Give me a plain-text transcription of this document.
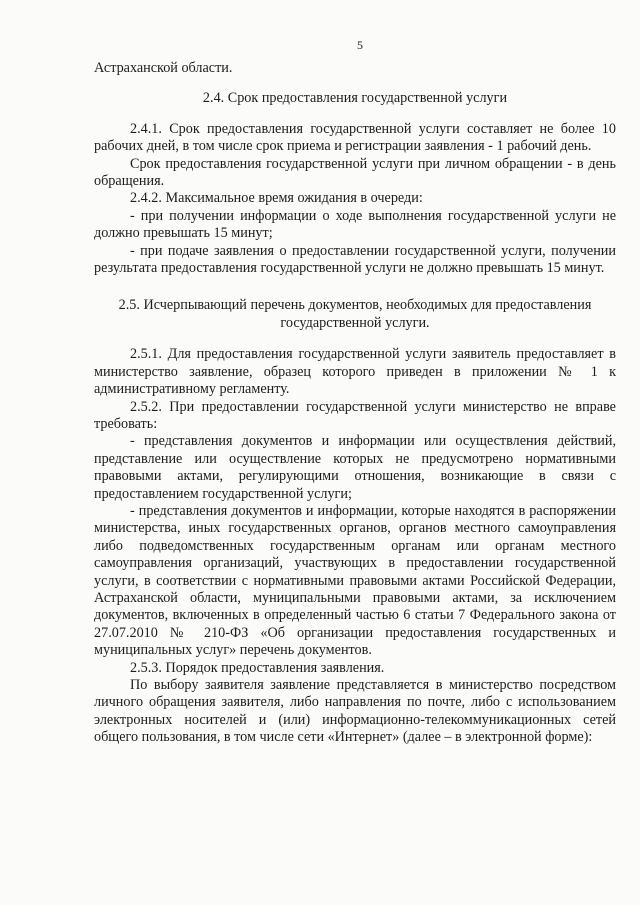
5

Астраханской области.

2.4. Срок предоставления государственной услуги

2.4.1. Срок предоставления государственной услуги составляет не более 10 рабочих дней, в том числе срок приема и регистрации заявления - 1 рабочий день.

Срок предоставления государственной услуги при личном обращении - в день обращения.

2.4.2. Максимальное время ожидания в очереди:

- при получении информации о ходе выполнения государственной услуги не должно превышать 15 минут;

- при подаче заявления о предоставлении государственной услуги, получении результата предоставления государственной услуги не должно превышать 15 минут.

2.5. Исчерпывающий перечень документов, необходимых для предоставления

государственной услуги.

2.5.1. Для предоставления государственной услуги заявитель предоставляет в министерство заявление, образец которого приведен в приложении № 1 к административному регламенту.

2.5.2. При предоставлении государственной услуги министерство не вправе требовать:

- представления документов и информации или осуществления действий, представление или осуществление которых не предусмотрено нормативными правовыми актами, регулирующими отношения, возникающие в связи с предоставлением государственной услуги;

- представления документов и информации, которые находятся в распоряжении министерства, иных государственных органов, органов местного самоуправления либо подведомственных государственным органам или органам местного самоуправления организаций, участвующих в предоставлении государственной услуги, в соответствии с нормативными правовыми актами Российской Федерации, Астраханской области, муниципальными правовыми актами, за исключением документов, включенных в определенный частью 6 статьи 7 Федерального закона от 27.07.2010 № 210-ФЗ «Об организации предоставления государственных и муниципальных услуг» перечень документов.

2.5.3. Порядок предоставления заявления.

По выбору заявителя заявление представляется в министерство посредством личного обращения заявителя, либо направления по почте, либо с использованием электронных носителей и (или) информационно-телекоммуникационных сетей общего пользования, в том числе сети «Интернет» (далее – в электронной форме):
